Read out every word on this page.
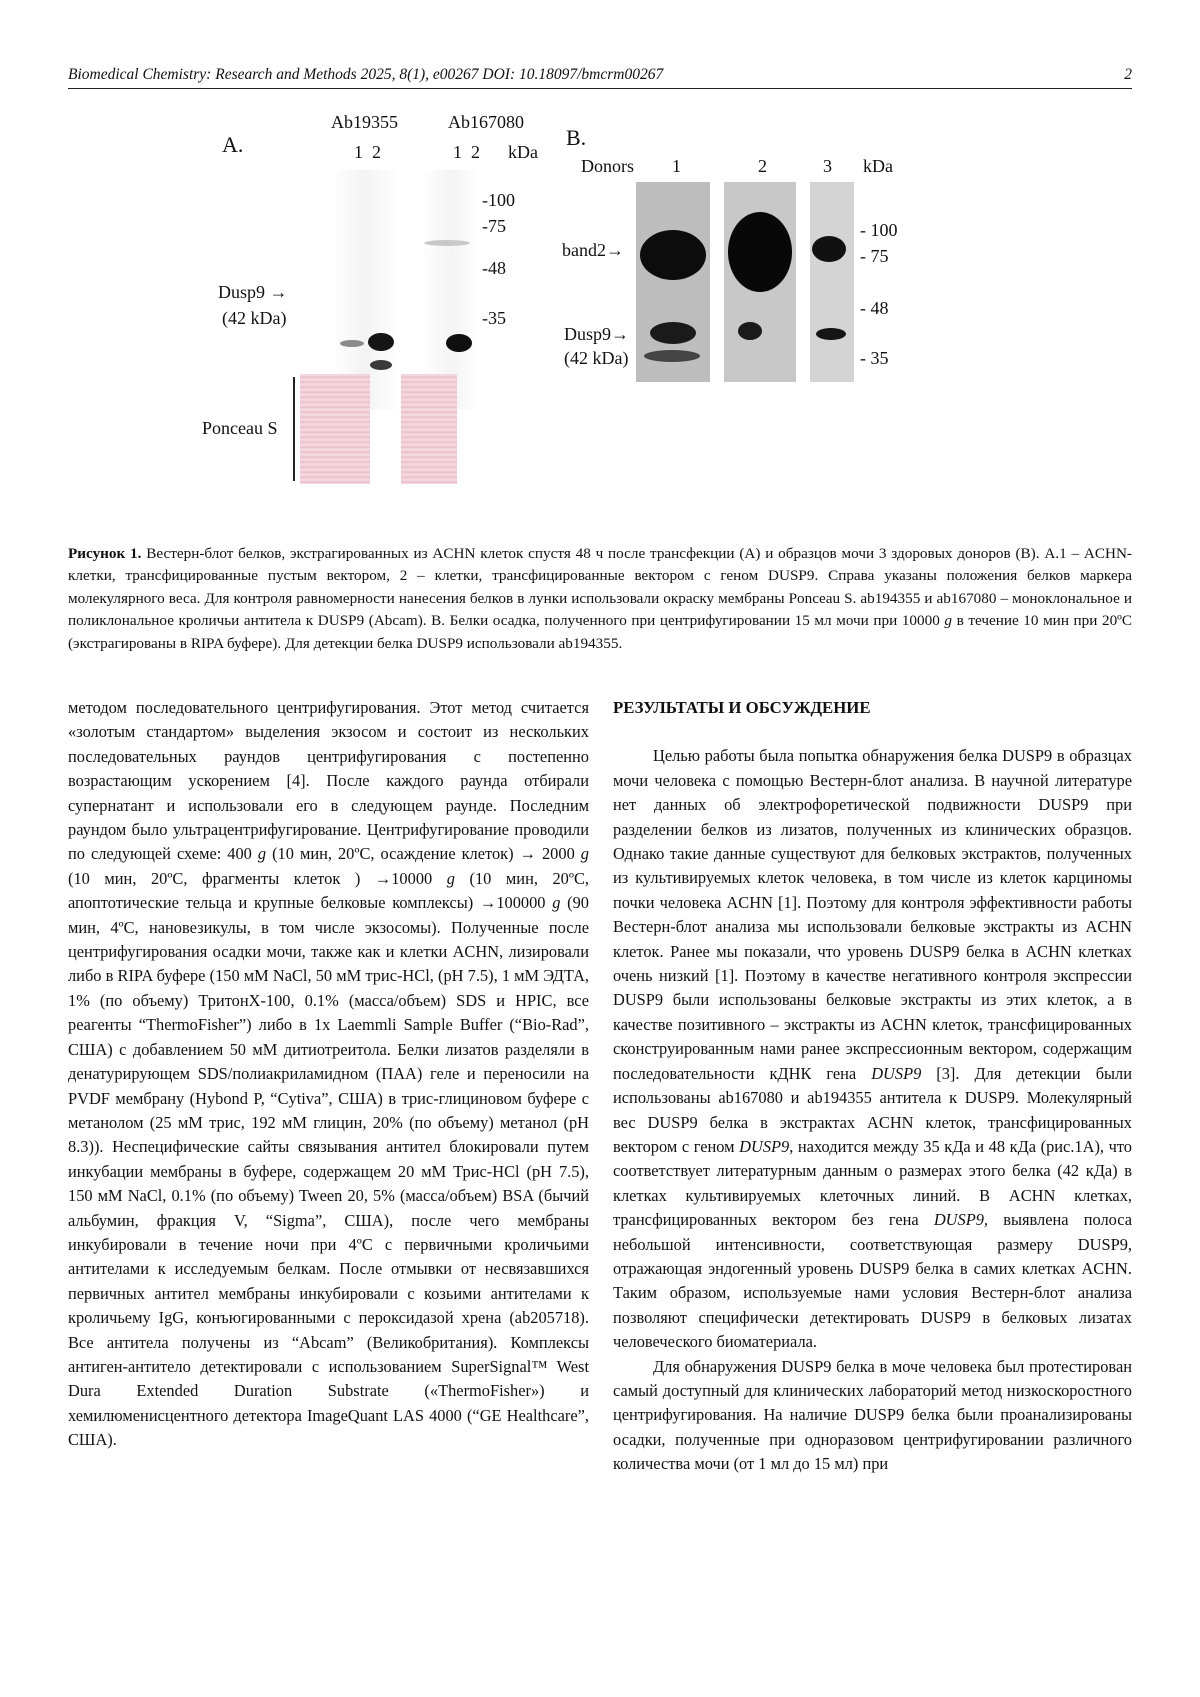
Biomedical Chemistry: Research and Methods 2025, 8(1), e00267 DOI: 10.18097/bmcrm00267	2
A.
Ab19355	Ab167080
1  2	1  2 kDa
-100
-75
-48
-35
Dusp9 →
(42 kDa)
Ponceau S
B.
Donors 1	2	3 kDa
- 100
- 75
- 48
- 35
band2→
Dusp9→
(42 kDa)
Рисунок 1. Вестерн-блот белков, экстрагированных из ACHN клеток спустя 48 ч после трансфекции (А) и образцов мочи 3 здоровых доноров (В). А.1 – ACHN-клетки, трансфицированные пустым вектором, 2 – клетки, трансфицированные вектором с геном DUSP9. Справа указаны положения белков маркера молекулярного веса. Для контроля равномерности нанесения белков в лунки использовали окраску мембраны Ponceau S. ab194355 и ab167080 – моноклональное и поликлональное кроличьи антитела к DUSP9 (Abcam). В. Белки осадка, полученного при центрифугировании 15 мл мочи при 10000 g в течение 10 мин при 20ºС (экстрагированы в RIPA буфере). Для детекции белка DUSP9 использовали ab194355.

методом последовательного центрифугирования. Этот метод считается «золотым стандартом» выделения экзосом и состоит из нескольких последовательных раундов центрифугирования с постепенно возрастающим ускорением [4]. После каждого раунда отбирали супернатант и использовали его в следующем раунде. Последним раундом было ультрацентрифугирование. Центрифугирование проводили по следующей схеме: 400 g (10 мин, 20ºС, осаждение клеток) → 2000 g (10 мин, 20ºС, фрагменты клеток ) →10000 g (10 мин, 20ºС, апоптотические тельца и крупные белковые комплексы) →100000 g (90 мин, 4ºС, нановезикулы, в том числе экзосомы). Полученные после центрифугирования осадки мочи, также как и клетки ACHN, лизировали либо в RIPA буфере (150 мМ NaCl, 50 мМ трис-HCl, (pH 7.5), 1 мМ ЭДТА, 1% (по объему) ТритонX-100, 0.1% (масса/объем) SDS и HPIC, все реагенты “ThermoFisher”) либо в 1x Laemmli Sample Buffer (“Bio-Rad”, США) с добавлением 50 мМ дитиотреитола. Белки лизатов разделяли в денатурирующем SDS/полиакриламидном (ПАА) геле и переносили на PVDF мембрану (Hybond P, “Cytiva”, США) в трис-глициновом буфере с метанолом (25 мМ трис, 192 мМ глицин, 20% (по объему) метанол (pH 8.3)). Неспецифические сайты связывания антител блокировали путем инкубации мембраны в буфере, содержащем 20 мМ Трис-HCl (pH 7.5), 150 мМ NaCl, 0.1% (по объему) Tween 20, 5% (масса/объем) BSA (бычий альбумин, фракция V, “Sigma”, США), после чего мембраны инкубировали в течение ночи при 4ºС с первичными кроличьими антителами к исследуемым белкам. После отмывки от несвязавшихся первичных антител мембраны инкубировали с козьими антителами к кроличьему IgG, конъюгированными с пероксидазой хрена (ab205718). Все антитела получены из “Abcam” (Великобритания). Комплексы антиген-антитело детектировали с использованием SuperSignal™ West Dura Extended Duration Substrate («ThermoFisher») и хемилюменисцентного детектора ImageQuant LAS 4000 (“GE Healthcare”, США).

РЕЗУЛЬТАТЫ И ОБСУЖДЕНИЕ

Целью работы была попытка обнаружения белка DUSP9 в образцах мочи человека с помощью Вестерн-блот анализа. В научной литературе нет данных об электрофоретической подвижности DUSP9 при разделении белков из лизатов, полученных из клинических образцов. Однако такие данные существуют для белковых экстрактов, полученных из культивируемых клеток человека, в том числе из клеток карциномы почки человека ACHN [1]. Поэтому для контроля эффективности работы Вестерн-блот анализа мы использовали белковые экстракты из ACHN клеток. Ранее мы показали, что уровень DUSP9 белка в ACHN клетках очень низкий [1]. Поэтому в качестве негативного контроля экспрессии DUSP9 были использованы белковые экстракты из этих клеток, а в качестве позитивного – экстракты из ACHN клеток, трансфицированных сконструированным нами ранее экспрессионным вектором, содержащим последовательности кДНК гена DUSP9 [3]. Для детекции были использованы ab167080 и ab194355 антитела к DUSP9. Молекулярный вес DUSP9 белка в экстрактах ACHN клеток, трансфицированных вектором с геном DUSP9, находится между 35 кДа и 48 кДа (рис.1А), что соответствует литературным данным о размерах этого белка (42 кДа) в клетках культивируемых клеточных линий. В ACHN клетках, трансфицированных вектором без гена DUSP9, выявлена полоса небольшой интенсивности, соответствующая размеру DUSP9, отражающая эндогенный уровень DUSP9 белка в самих клетках ACHN. Таким образом, используемые нами условия Вестерн-блот анализа позволяют специфически детектировать DUSP9 в белковых лизатах человеческого биоматериала.

Для обнаружения DUSP9 белка в моче человека был протестирован самый доступный для клинических лабораторий метод низкоскоростного центрифугирования. На наличие DUSP9 белка были проанализированы осадки, полученные при одноразовом центрифугировании различного количества мочи (от 1 мл до 15 мл) при
